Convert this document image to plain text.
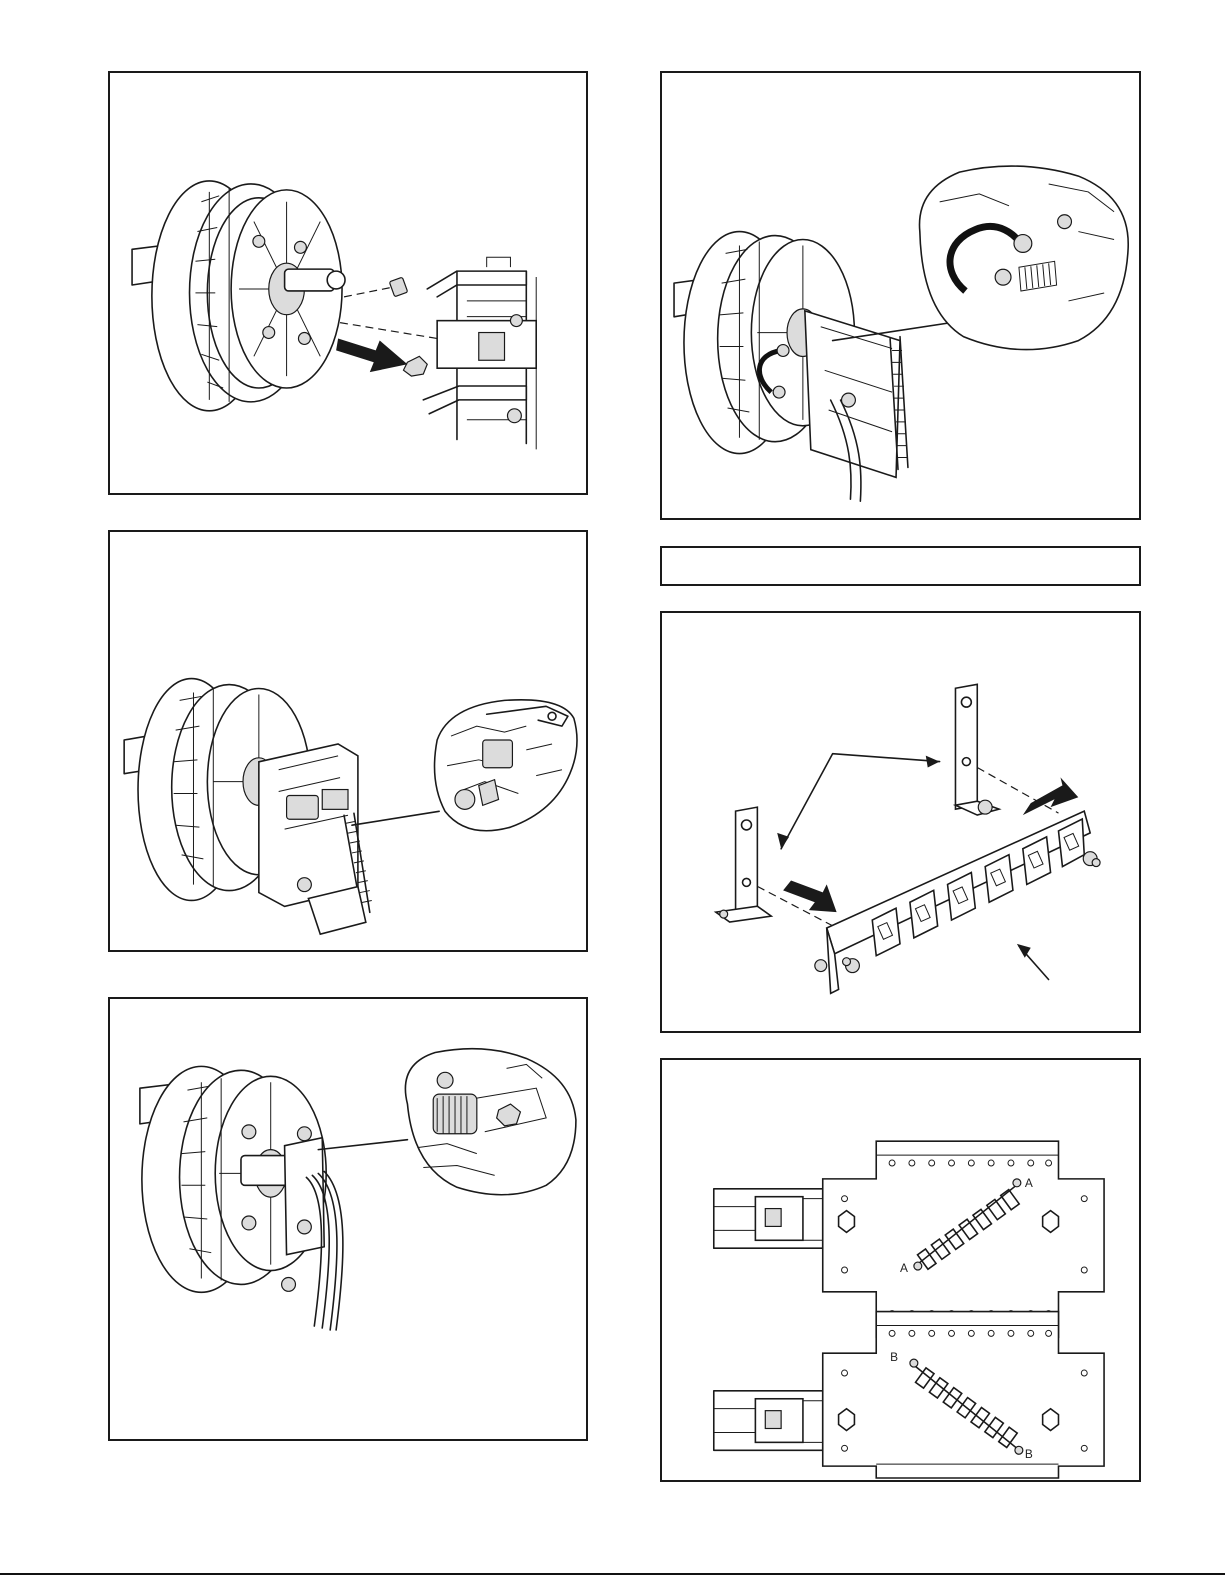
A
A
B
B
